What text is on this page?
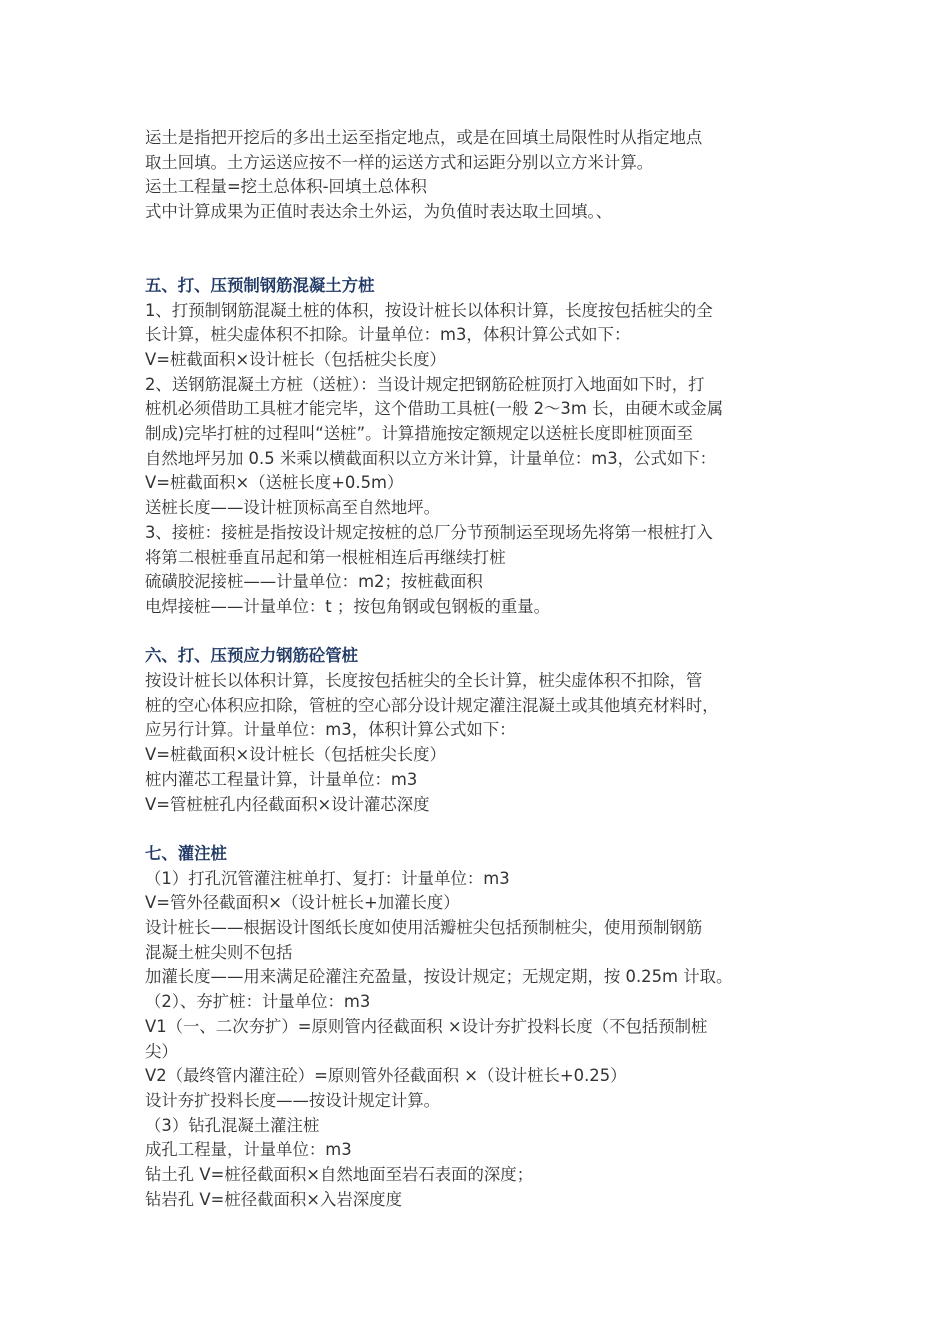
运土是指把开挖后的多出土运至指定地点，或是在回填土局限性时从指定地点

取土回填。土方运送应按不一样的运送方式和运距分别以立方米计算。

运土工程量=挖土总体积-回填土总体积

式中计算成果为正值时表达余土外运，为负值时表达取土回填。、

五、打、压预制钢筋混凝土方桩

1、打预制钢筋混凝土桩的体积，按设计桩长以体积计算，长度按包括桩尖的全

长计算，桩尖虚体积不扣除。计量单位：m3，体积计算公式如下：

V=桩截面积×设计桩长（包括桩尖长度）

2、送钢筋混凝土方桩（送桩）：当设计规定把钢筋砼桩顶打入地面如下时，打

桩机必须借助工具桩才能完毕，这个借助工具桩(一般 2～3m 长，由硬木或金属

制成)完毕打桩的过程叫“送桩”。计算措施按定额规定以送桩长度即桩顶面至

自然地坪另加 0.5 米乘以横截面积以立方米计算，计量单位：m3，公式如下：

V=桩截面积×（送桩长度+0.5m）

送桩长度——设计桩顶标高至自然地坪。

3、接桩：接桩是指按设计规定按桩的总厂分节预制运至现场先将第一根桩打入

将第二根桩垂直吊起和第一根桩相连后再继续打桩

硫磺胶泥接桩——计量单位：m2；按桩截面积

电焊接桩——计量单位：t ；按包角钢或包钢板的重量。

六、打、压预应力钢筋砼管桩

按设计桩长以体积计算，长度按包括桩尖的全长计算，桩尖虚体积不扣除，管

桩的空心体积应扣除，管桩的空心部分设计规定灌注混凝土或其他填充材料时，

应另行计算。计量单位：m3，体积计算公式如下：

V=桩截面积×设计桩长（包括桩尖长度）

桩内灌芯工程量计算，计量单位：m3

V=管桩桩孔内径截面积×设计灌芯深度

七、灌注桩

（1）打孔沉管灌注桩单打、复打：计量单位：m3

V=管外径截面积×（设计桩长+加灌长度）

设计桩长——根据设计图纸长度如使用活瓣桩尖包括预制桩尖，使用预制钢筋

混凝土桩尖则不包括

加灌长度——用来满足砼灌注充盈量，按设计规定；无规定期，按 0.25m 计取。

（2）、夯扩桩：计量单位：m3

V1（一、二次夯扩）=原则管内径截面积 ×设计夯扩投料长度（不包括预制桩

尖）

V2（最终管内灌注砼）=原则管外径截面积 ×（设计桩长+0.25）

设计夯扩投料长度——按设计规定计算。

（3）钻孔混凝土灌注桩

成孔工程量，计量单位：m3

钻土孔 V=桩径截面积×自然地面至岩石表面的深度；

钻岩孔 V=桩径截面积×入岩深度度
